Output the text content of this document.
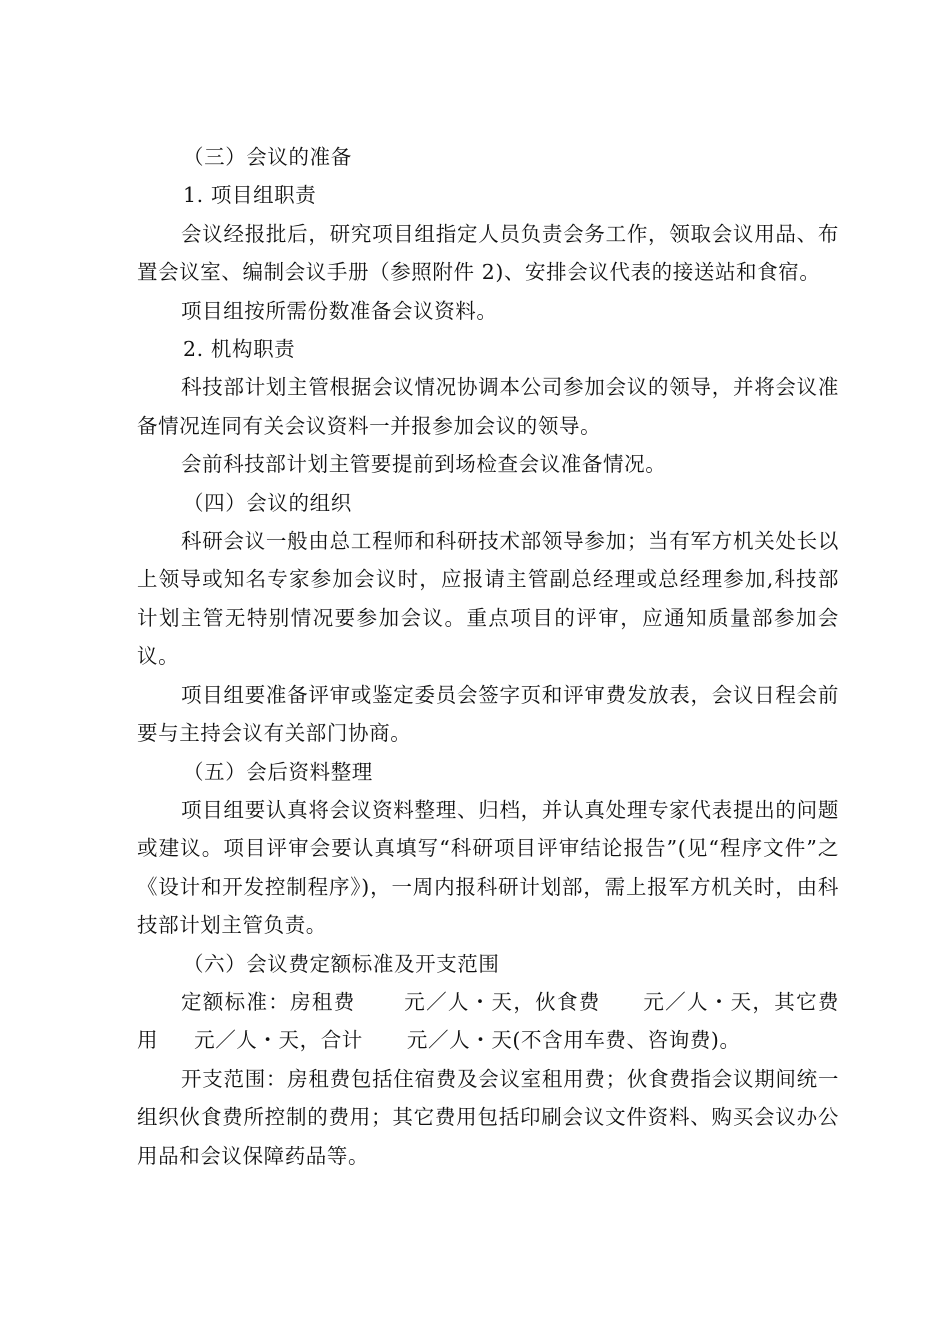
（三）会议的准备

1. 项目组职责

会议经报批后，研究项目组指定人员负责会务工作，领取会议用品、布置会议室、编制会议手册（参照附件 2)、安排会议代表的接送站和食宿。

项目组按所需份数准备会议资料。

2. 机构职责

科技部计划主管根据会议情况协调本公司参加会议的领导，并将会议准备情况连同有关会议资料一并报参加会议的领导。

会前科技部计划主管要提前到场检查会议准备情况。

（四）会议的组织

科研会议一般由总工程师和科研技术部领导参加；当有军方机关处长以上领导或知名专家参加会议时，应报请主管副总经理或总经理参加,科技部计划主管无特别情况要参加会议。重点项目的评审，应通知质量部参加会议。

项目组要准备评审或鉴定委员会签字页和评审费发放表，会议日程会前要与主持会议有关部门协商。

（五）会后资料整理

项目组要认真将会议资料整理、归档，并认真处理专家代表提出的问题或建议。项目评审会要认真填写“科研项目评审结论报告”(见“程序文件”之《设计和开发控制程序》)，一周内报科研计划部，需上报军方机关时，由科技部计划主管负责。

（六）会议费定额标准及开支范围

定额标准：房租费 元／人・天，伙食费 元／人・天，其它费用 元／人・天，合计 元／人・天(不含用车费、咨询费)。

开支范围：房租费包括住宿费及会议室租用费；伙食费指会议期间统一组织伙食费所控制的费用；其它费用包括印刷会议文件资料、购买会议办公用品和会议保障药品等。
